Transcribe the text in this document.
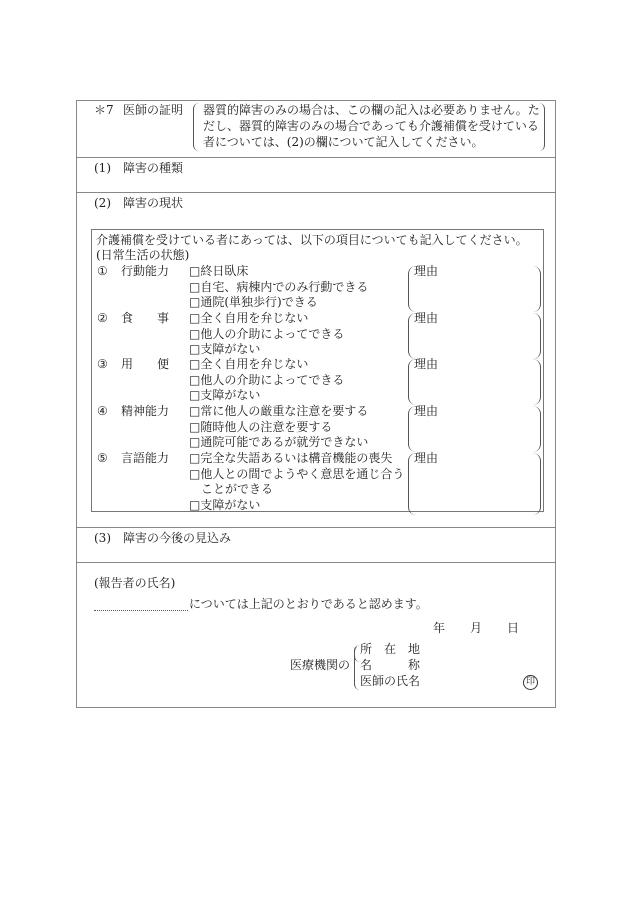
＊7 医師の証明 器質的障害のみの場合は、この欄の記入は必要ありません。た
だし、器質的障害のみの場合であっても介護補償を受けている
者については、(2)の欄について記入してください。
(1) 障害の種類
(2) 障害の現状
介護補償を受けている者にあっては、以下の項目についても記入してください。
(日常生活の状態)
① 行動能力 □終日臥床
□自宅、病棟内でのみ行動できる
□通院(単独歩行)できる
理由
② 食　　事 □全く自用を弁じない
□他人の介助によってできる
□支障がない
理由
③ 用　　便 □全く自用を弁じない
□他人の介助によってできる
□支障がない
理由
④ 精神能力 □常に他人の厳重な注意を要する
□随時他人の注意を要する
□通院可能であるが就労できない
理由
⑤ 言語能力 □完全な失語あるいは構音機能の喪失
□他人との間でようやく意思を通じ合う
　ことができる
□支障がない
理由
(3) 障害の今後の見込み
(報告者の氏名)
については上記のとおりであると認めます。
年 月 日
医療機関の
所　在　地
名　　　称
医師の氏名	印
